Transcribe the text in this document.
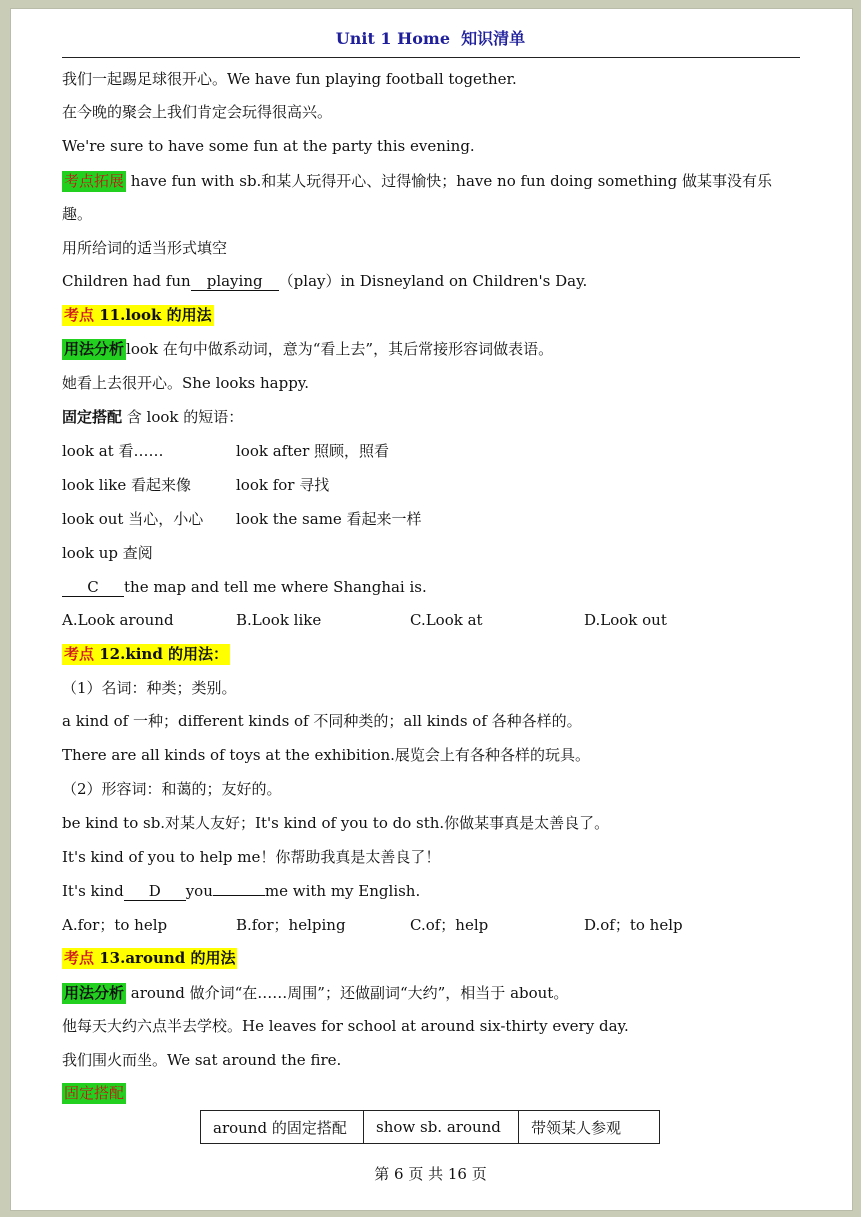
Unit 1 Home 知识清单
我们一起踢足球很开心。We have fun playing football together.
在今晚的聚会上我们肯定会玩得很高兴。
We're sure to have some fun at the party this evening.
考点拓展 have fun with sb.和某人玩得开心、过得愉快；have no fun doing something 做某事没有乐
趣。
用所给词的适当形式填空
Children had fun playing （play）in Disneyland on Children's Day.
考点 11.look 的用法
用法分析 look 在句中做系动词，意为“看上去”，其后常接形容词做表语。
她看上去很开心。She looks happy.
固定搭配 含 look 的短语：
look at 看……	look after 照顾，照看
look like 看起来像	look for 寻找
look out 当心，小心 look the same 看起来一样
look up 查阅
C the map and tell me where Shanghai is.
A.Look around	B.Look like	C.Look at	D.Look out
考点 12.kind 的用法：
（1）名词：种类；类别。
a kind of 一种；different kinds of 不同种类的；all kinds of 各种各样的。
There are all kinds of toys at the exhibition.展览会上有各种各样的玩具。
（2）形容词：和蔼的；友好的。
be kind to sb.对某人友好；It's kind of you to do sth.你做某事真是太善良了。
It's kind of you to help me！你帮助我真是太善良了！
It's kind D you	me with my English.
A.for；to help	B.for；helping	C.of；help	D.of；to help
考点 13.around 的用法
用法分析 around 做介词“在……周围”；还做副词“大约”，相当于 about。
他每天大约六点半去学校。He leaves for school at around six-thirty every day.
我们围火而坐。We sat around the fire.
固定搭配
around 的固定搭配	show sb. around	带领某人参观
第 6 页 共 16 页
